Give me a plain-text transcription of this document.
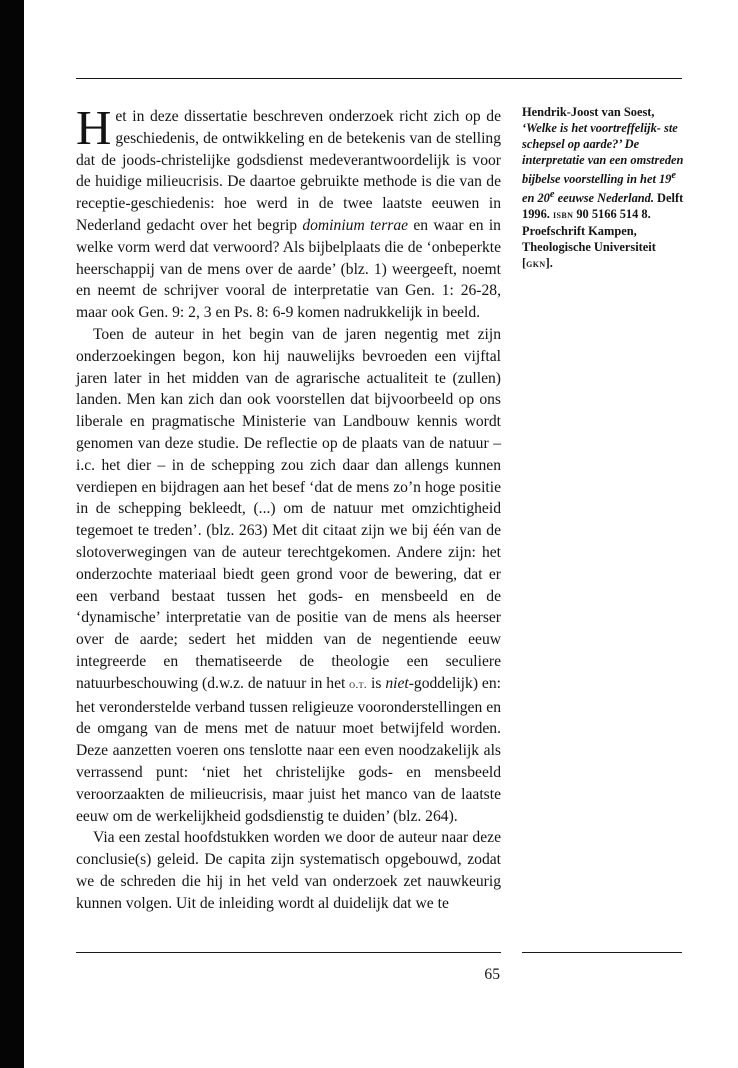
Hendrik-Joost van Soest,
‘Welke is het voortreffelijk- ste schepsel op aarde?’ De interpretatie van een omstreden bijbelse voorstelling in het 19e en 20e eeuwse Nederland. Delft 1996. isbn 90 5166 514 8.
Proefschrift Kampen, Theologische Universiteit
[gkn].

Het in deze dissertatie beschreven onderzoek richt zich op de geschiedenis, de ontwikkeling en de betekenis van de stelling dat de joods-christelijke godsdienst medeverantwoordelijk is voor de huidige milieucrisis. De daartoe gebruikte methode is die van de receptie-geschiedenis: hoe werd in de twee laatste eeuwen in Nederland gedacht over het begrip dominium terrae en waar en in welke vorm werd dat verwoord? Als bijbelplaats die de ‘onbeperkte heerschappij van de mens over de aarde’ (blz. 1) weergeeft, noemt en neemt de schrijver vooral de interpretatie van Gen. 1: 26-28, maar ook Gen. 9: 2, 3 en Ps. 8: 6-9 komen nadrukkelijk in beeld.

Toen de auteur in het begin van de jaren negentig met zijn onderzoekingen begon, kon hij nauwelijks bevroeden een vijftal jaren later in het midden van de agrarische actualiteit te (zullen) landen. Men kan zich dan ook voorstellen dat bijvoorbeeld op ons liberale en pragmatische Ministerie van Landbouw kennis wordt genomen van deze studie. De reflectie op de plaats van de natuur – i.c. het dier – in de schepping zou zich daar dan allengs kunnen verdiepen en bijdragen aan het besef ‘dat de mens zo’n hoge positie in de schepping bekleedt, (...) om de natuur met omzichtigheid tegemoet te treden’. (blz. 263) Met dit citaat zijn we bij één van de slotoverwegingen van de auteur terechtgekomen. Andere zijn: het onderzochte materiaal biedt geen grond voor de bewering, dat er een verband bestaat tussen het gods- en mensbeeld en de ‘dynamische’ interpretatie van de positie van de mens als heerser over de aarde; sedert het midden van de negentiende eeuw integreerde en thematiseerde de theologie een seculiere natuurbeschouwing (d.w.z. de natuur in het o.t. is niet-goddelijk) en: het veronderstelde verband tussen religieuze vooronderstellingen en de omgang van de mens met de natuur moet betwijfeld worden. Deze aanzetten voeren ons tenslotte naar een even noodzakelijk als verrassend punt: ‘niet het christelijke gods- en mensbeeld veroorzaakten de milieucrisis, maar juist het manco van de laatste eeuw om de werkelijkheid godsdienstig te duiden’ (blz. 264).

Via een zestal hoofdstukken worden we door de auteur naar deze conclusie(s) geleid. De capita zijn systematisch opgebouwd, zodat we de schreden die hij in het veld van onderzoek zet nauwkeurig kunnen volgen. Uit de inleiding wordt al duidelijk dat we te

65
